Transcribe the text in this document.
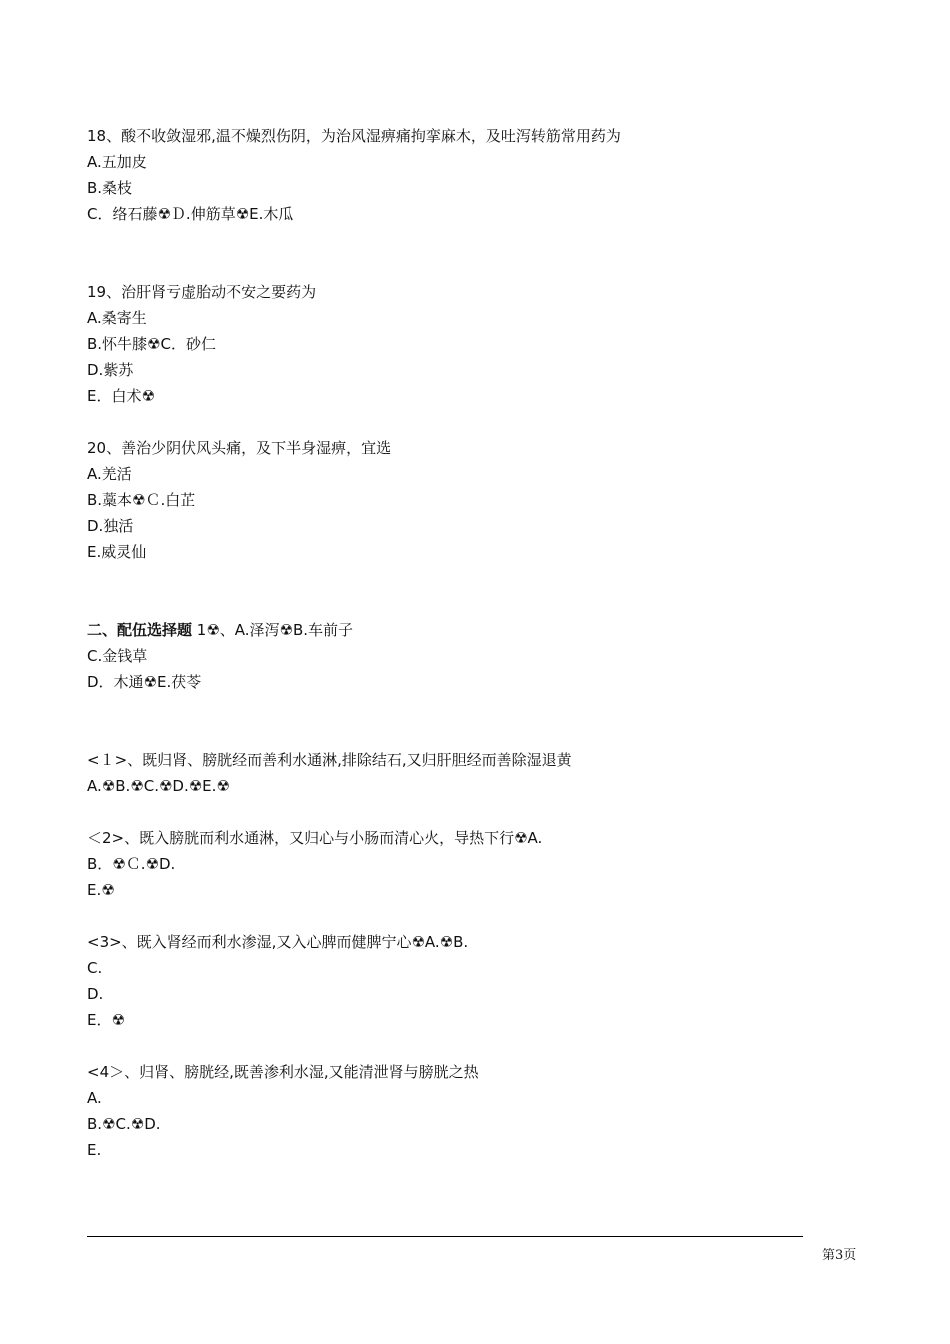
18、酸不收敛湿邪,温不燥烈伤阴，为治风湿痹痛拘挛麻木，及吐泻转筋常用药为
A.五加皮
B.桑枝
C．络石藤☢Ｄ.伸筋草☢E.木瓜
19、治肝肾亏虚胎动不安之要药为
A.桑寄生
B.怀牛膝☢C．砂仁
D.紫苏
E．白术☢
20、善治少阴伏风头痛，及下半身湿痹，宜选
A.羌活
B.藁本☢Ｃ.白芷
D.独活
E.威灵仙
二、配伍选择题 1☢、A.泽泻☢B.车前子
C.金钱草
D．木通☢E.茯苓
<１>、既归肾、膀胱经而善利水通淋,排除结石,又归肝胆经而善除湿退黄
A.☢B.☢C.☢D.☢E.☢
＜2>、既入膀胱而利水通淋，又归心与小肠而清心火，导热下行☢A.
B．☢Ｃ.☢D.
E.☢
<3>、既入肾经而利水渗湿,又入心脾而健脾宁心☢A.☢B.
C.
D.
E．☢
<4＞、归肾、膀胱经,既善渗利水湿,又能清泄肾与膀胱之热
A.
B.☢C.☢D.
E.
第3页
